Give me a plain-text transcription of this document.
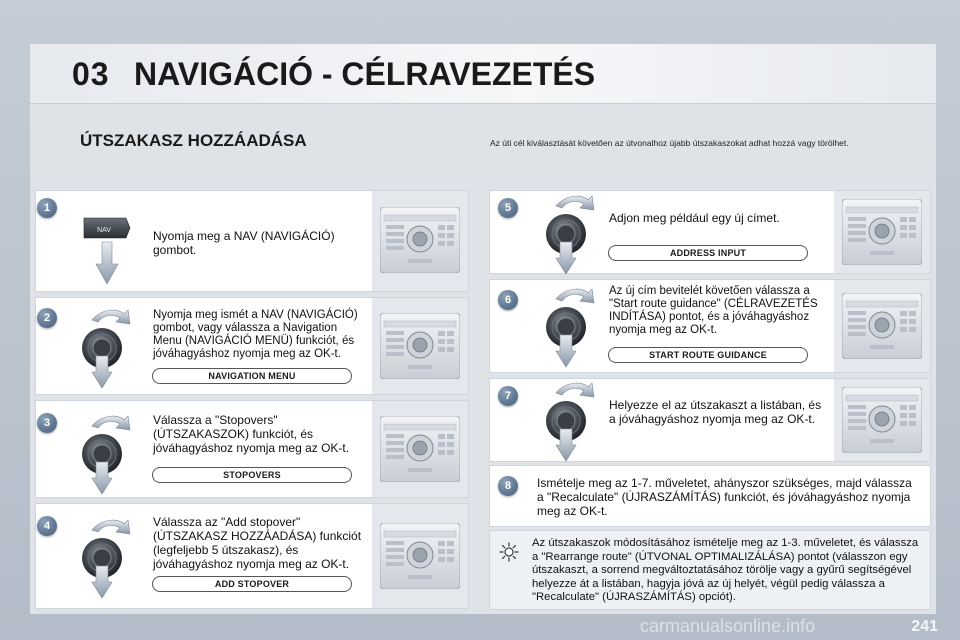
03 NAVIGÁCIÓ - CÉLRAVEZETÉS
ÚTSZAKASZ HOZZÁADÁSA	Az úti cél kiválasztását követően az útvonalhoz újabb útszakaszokat adhat hozzá vagy törölhet.
1
NAV	Nyomja meg a NAV (NAVIGÁCIÓ) gombot.
2	Nyomja meg ismét a NAV (NAVIGÁCIÓ) gombot, vagy válassza a Navigation Menu (NAVIGÁCIÓ MENÜ) funkciót, és jóváhagyáshoz nyomja meg az OK-t.
NAVIGATION MENU
3	Válassza a "Stopovers" (ÚTSZAKASZOK) funkciót, és jóváhagyáshoz nyomja meg az OK-t.
STOPOVERS
4	Válassza az "Add stopover" (ÚTSZAKASZ HOZZÁADÁSA) funkciót (legfeljebb 5 útszakasz), és jóváhagyáshoz nyomja meg az OK-t.
ADD STOPOVER
5
Adjon meg például egy új címet.
ADDRESS INPUT
6
Az új cím bevitelét követően válassza a "Start route guidance" (CÉLRAVEZETÉS INDÍTÁSA) pontot, és a jóváhagyáshoz nyomja meg az OK-t.
START ROUTE GUIDANCE
7
Helyezze el az útszakaszt a listában, és a jóváhagyáshoz nyomja meg az OK-t.
8	Ismételje meg az 1-7. műveletet, ahányszor szükséges, majd válassza a "Recalculate" (ÚJRASZÁMÍTÁS) funkciót, és jóváhagyáshoz nyomja meg az OK-t.
Az útszakaszok módosításához ismételje meg az 1-3. műveletet, és válassza a "Rearrange route" (ÚTVONAL OPTIMALIZÁLÁSA) pontot (válasszon egy útszakaszt, a sorrend megváltoztatásához törölje vagy a gyűrű segítségével helyezze át a listában, hagyja jóvá az új helyét, végül pedig válassza a "Recalculate" (ÚJRASZÁMÍTÁS) opciót).
241
carmanualsonline.info
